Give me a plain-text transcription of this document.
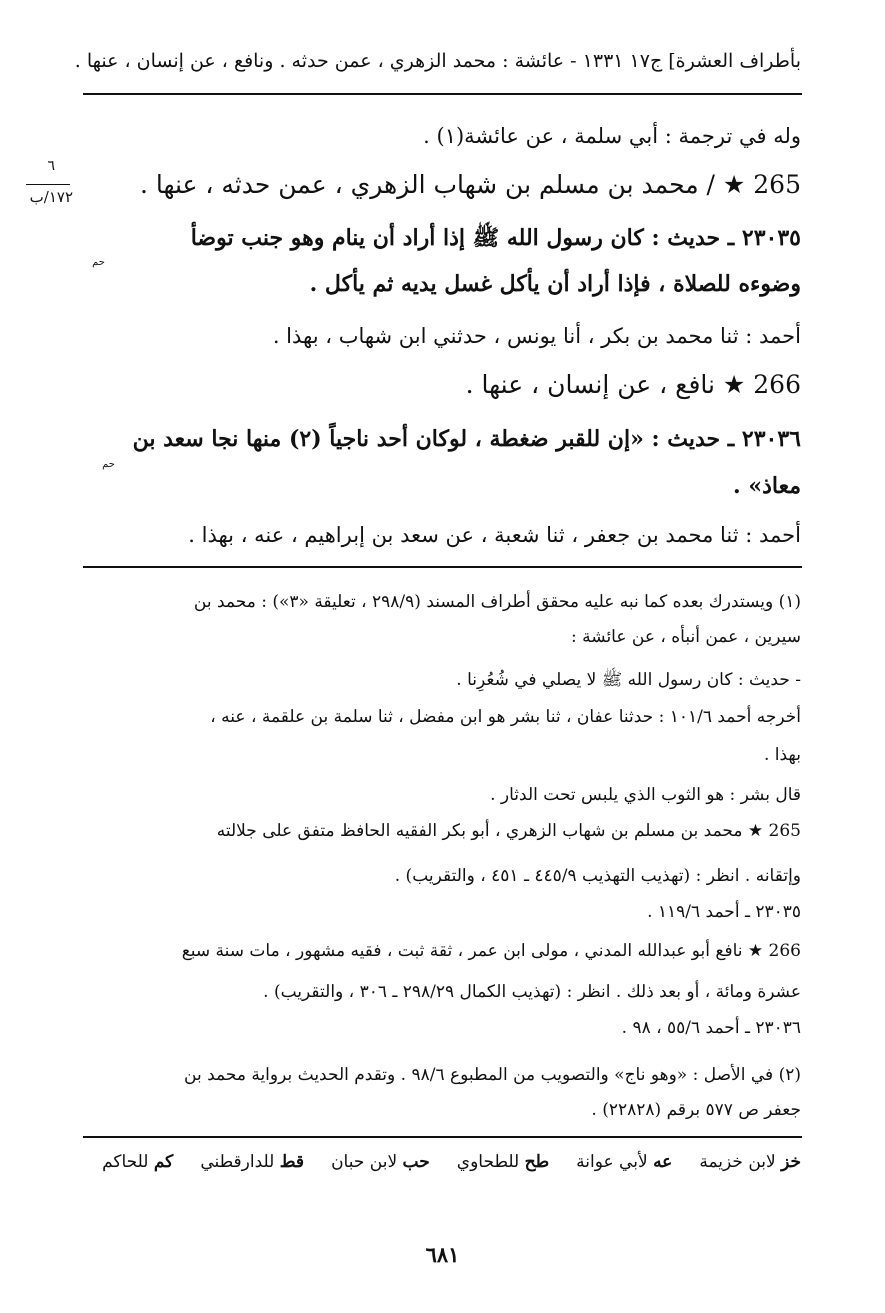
بأطراف العشرة] ج١٧ ١٣٣١ - عائشة : محمد الزهري ، عمن حدثه . ونافع ، عن إنسان ، عنها .
٦
١٧٢/ب
وله في ترجمة : أبي سلمة ، عن عائشة(١) .
265 ★ / محمد بن مسلم بن شهاب الزهري ، عمن حدثه ، عنها .
٢٣٠٣٥ ـ حديث : كان رسول الله ﷺ إذا أراد أن ينام وهو جنب توضأ
حم
وضوءه للصلاة ، فإذا أراد أن يأكل غسل يديه ثم يأكل .
أحمد : ثنا محمد بن بكر ، أنا يونس ، حدثني ابن شهاب ، بهذا .
266 ★ نافع ، عن إنسان ، عنها .
٢٣٠٣٦ ـ حديث : «إن للقبر ضغطة ، لوكان أحد ناجياً (٢) منها نجا سعد بن
حم
معاذ» .
أحمد : ثنا محمد بن جعفر ، ثنا شعبة ، عن سعد بن إبراهيم ، عنه ، بهذا .
(١) ويستدرك بعده كما نبه عليه محقق أطراف المسند (٢٩٨/٩ ، تعليقة «٣») : محمد بن
سيرين ، عمن أنبأه ، عن عائشة :
- حديث : كان رسول الله ﷺ لا يصلي في شُعُرِنا .
أخرجه أحمد ١٠١/٦ : حدثنا عفان ، ثنا بشر هو ابن مفضل ، ثنا سلمة بن علقمة ، عنه ،
بهذا .
قال بشر : هو الثوب الذي يلبس تحت الدثار .
265 ★ محمد بن مسلم بن شهاب الزهري ، أبو بكر الفقيه الحافظ متفق على جلالته
وإتقانه . انظر : (تهذيب التهذيب ٤٤٥/٩ ـ ٤٥١ ، والتقريب) .
٢٣٠٣٥ ـ أحمد ١١٩/٦ .
266 ★ نافع أبو عبدالله المدني ، مولى ابن عمر ، ثقة ثبت ، فقيه مشهور ، مات سنة سبع
عشرة ومائة ، أو بعد ذلك . انظر : (تهذيب الكمال ٢٩٨/٢٩ ـ ٣٠٦ ، والتقريب) .
٢٣٠٣٦ ـ أحمد ٥٥/٦ ، ٩٨ .
(٢) في الأصل : «وهو ناج» والتصويب من المطبوع ٩٨/٦ . وتقدم الحديث برواية محمد بن
جعفر ص ٥٧٧ برقم (٢٢٨٢٨) .
خز لابن خزيمة     عه لأبي عوانة     طح للطحاوي     حب لابن حبان     قط للدارقطني     كم للحاكم
٦٨١
